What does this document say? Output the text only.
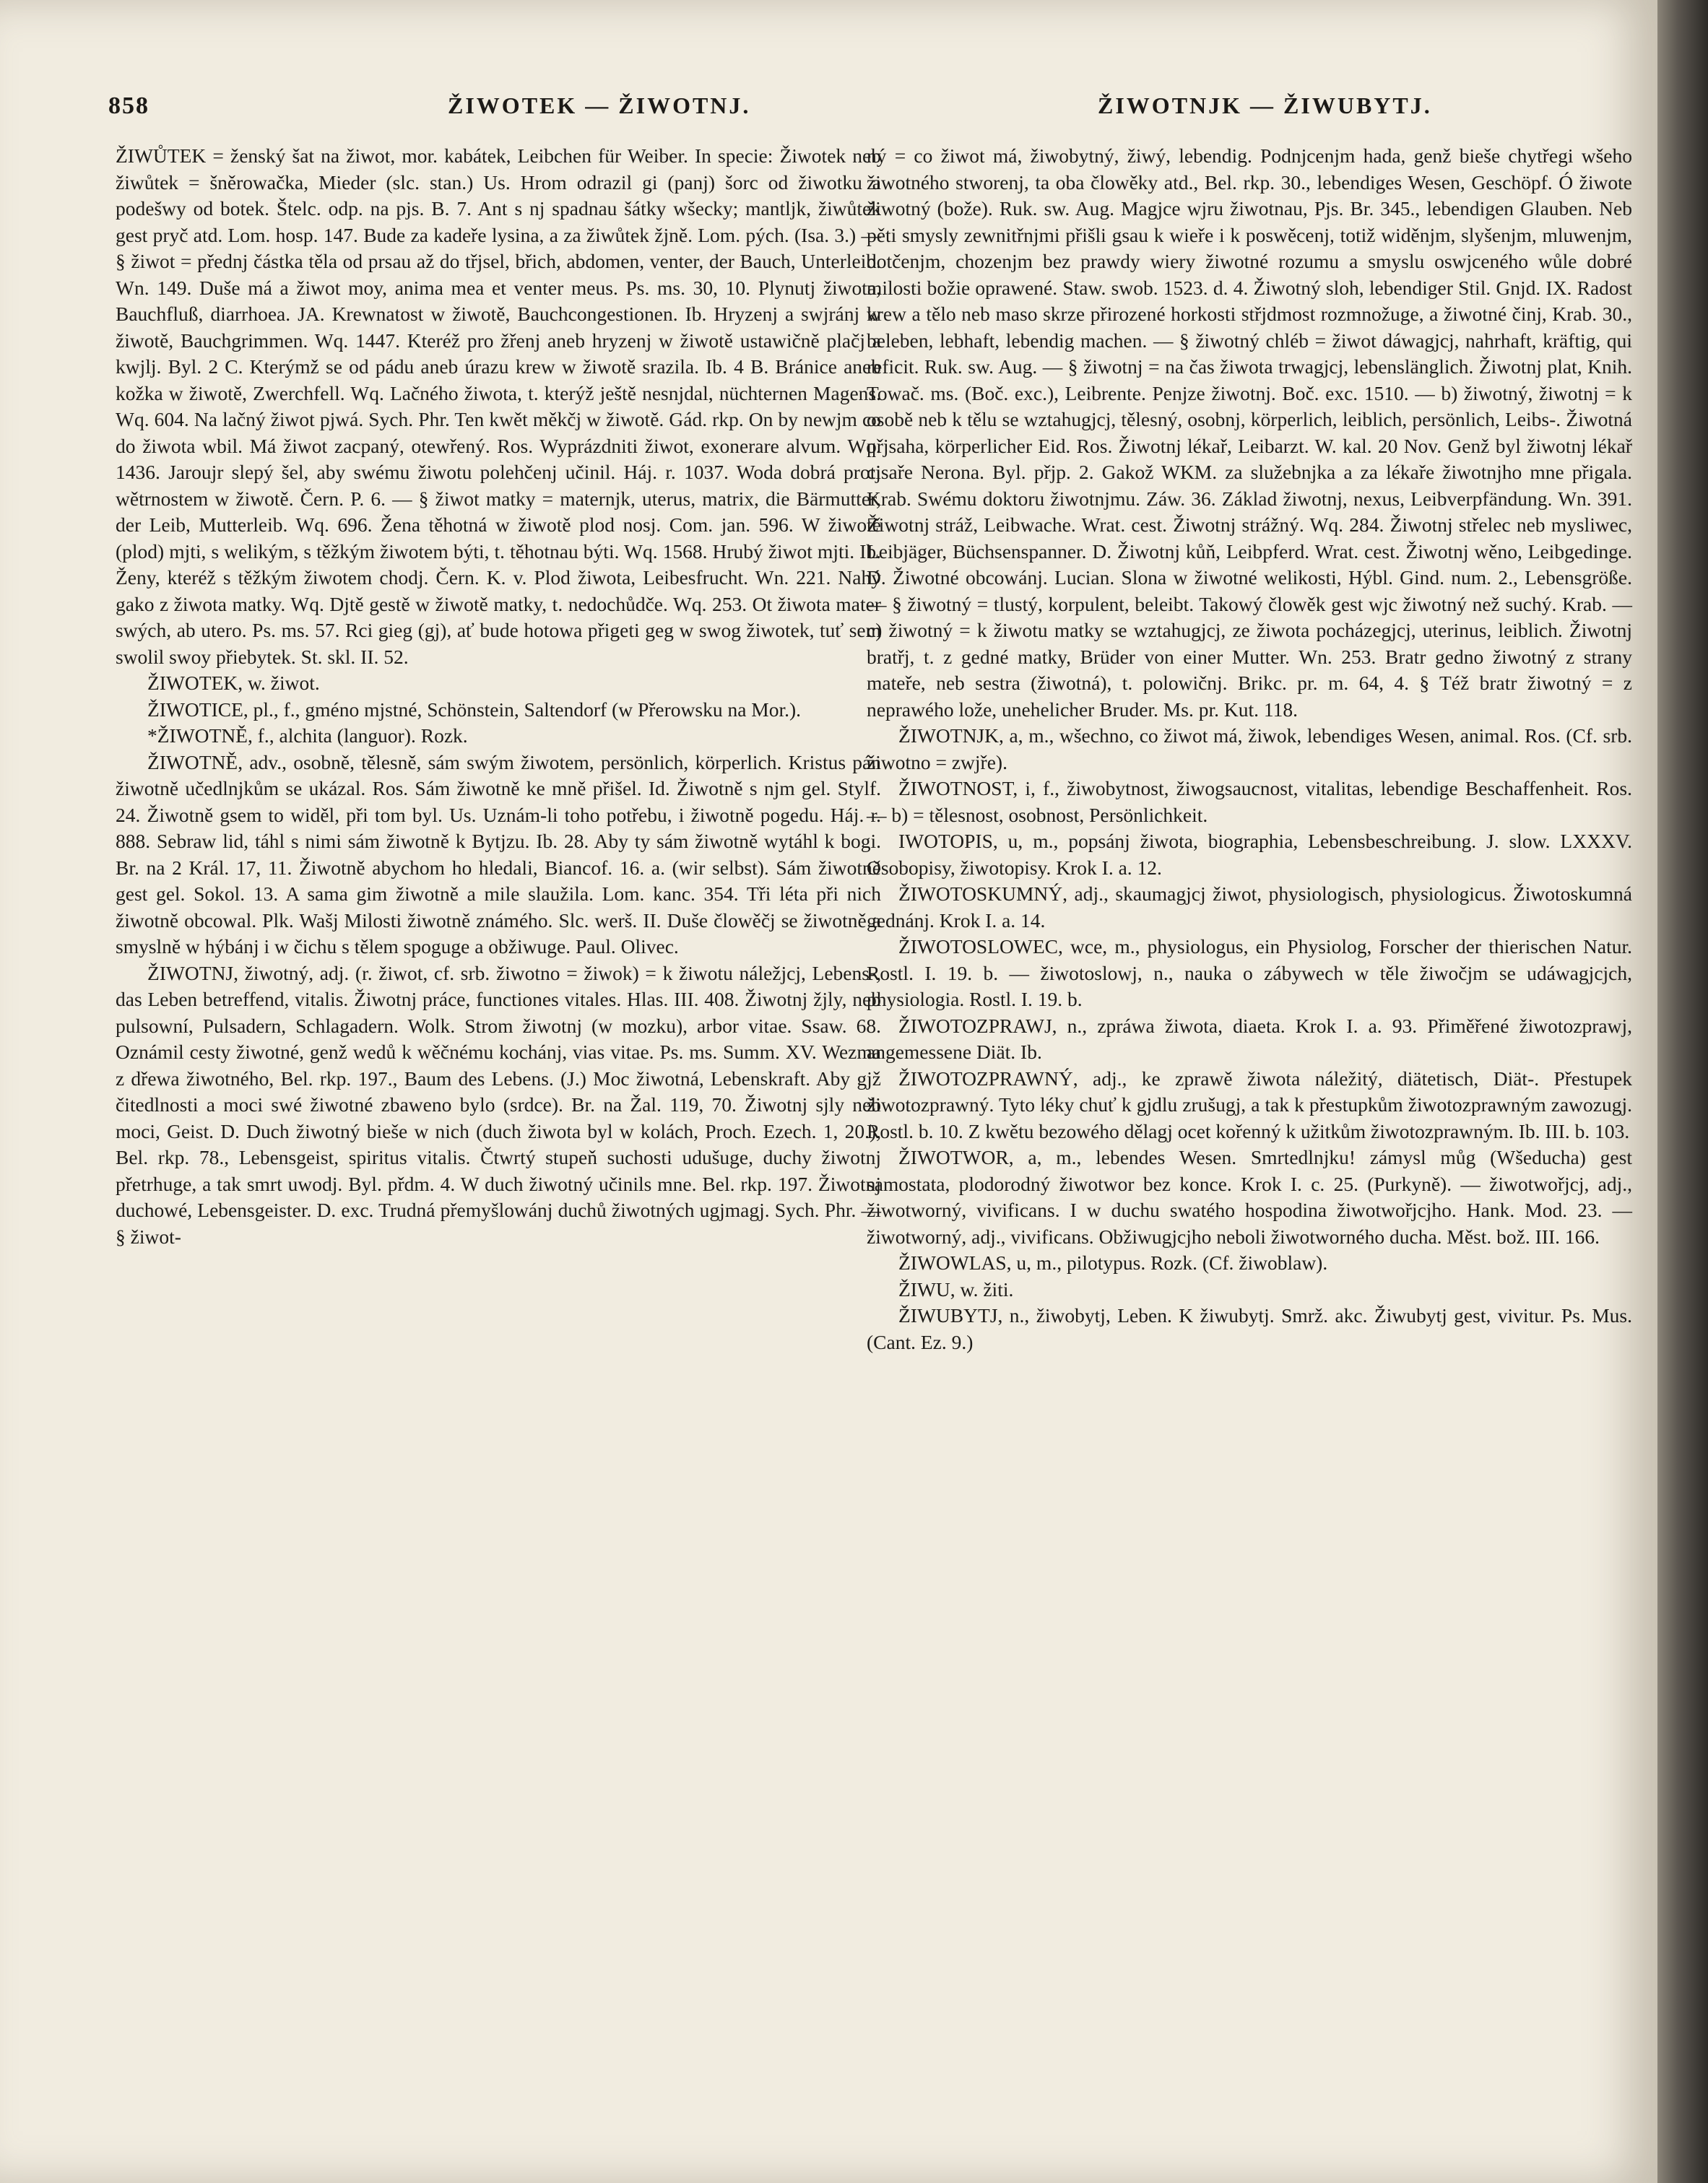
858	ŽIWOTEK — ŽIWOTNJ.	ŽIWOTNJK — ŽIWUBYTJ.

ŽIWŮTEK = ženský šat na žiwot, mor. kabátek, Leibchen für Weiber. In specie: Žiwotek neb žiwůtek = šněrowačka, Mieder (slc. stan.) Us. Hrom odrazil gi (panj) šorc od žiwotku a podešwy od botek. Štelc. odp. na pjs. B. 7. Ant s nj spadnau šátky wšecky; mantljk, žiwůtek gest pryč atd. Lom. hosp. 147. Bude za kadeře lysina, a za žiwůtek žjně. Lom. pých. (Isa. 3.) — § žiwot = přednj částka těla od prsau až do třjsel, břich, abdomen, venter, der Bauch, Unterleib. Wn. 149. Duše má a žiwot moy, anima mea et venter meus. Ps. ms. 30, 10. Plynutj žiwota, Bauchfluß, diarrhoea. JA. Krewnatost w žiwotě, Bauchcongestionen. Ib. Hryzenj a swjránj w žiwotě, Bauchgrimmen. Wq. 1447. Kteréž pro žřenj aneb hryzenj w žiwotě ustawičně plačj a kwjlj. Byl. 2 C. Kterýmž se od pádu aneb úrazu krew w žiwotě srazila. Ib. 4 B. Bránice aneb kožka w žiwotě, Zwerchfell. Wq. Lačného žiwota, t. kterýž ještě nesnjdal, nüchternen Magens. Wq. 604. Na lačný žiwot pjwá. Sych. Phr. Ten kwět měkčj w žiwotě. Gád. rkp. On by newjm co do žiwota wbil. Má žiwot zacpaný, otewřený. Ros. Wyprázdniti žiwot, exonerare alvum. Wq. 1436. Jaroujr slepý šel, aby swému žiwotu polehčenj učinil. Háj. r. 1037. Woda dobrá proti wětrnostem w žiwotě. Čern. P. 6. — § žiwot matky = maternjk, uterus, matrix, die Bärmutter, der Leib, Mutterleib. Wq. 696. Žena těhotná w žiwotě plod nosj. Com. jan. 596. W žiwotě (plod) mjti, s welikým, s těžkým žiwotem býti, t. těhotnau býti. Wq. 1568. Hrubý žiwot mjti. Ib. Ženy, kteréž s těžkým žiwotem chodj. Čern. K. v. Plod žiwota, Leibesfrucht. Wn. 221. Nahý gako z žiwota matky. Wq. Djtě gestě w žiwotě matky, t. nedochůdče. Wq. 253. Ot žiwota mater swých, ab utero. Ps. ms. 57. Rci gieg (gj), ať bude hotowa přigeti geg w swog žiwotek, tuť sem swolil swoy přiebytek. St. skl. II. 52.

ŽIWOTEK, w. žiwot.

ŽIWOTICE, pl., f., gméno mjstné, Schönstein, Saltendorf (w Přerowsku na Mor.).

*ŽIWOTNĚ, f., alchita (languor). Rozk.

ŽIWOTNĚ, adv., osobně, tělesně, sám swým žiwotem, persönlich, körperlich. Kristus pán žiwotně učedlnjkům se ukázal. Ros. Sám žiwotně ke mně přišel. Id. Žiwotně s njm gel. Stylf. 24. Žiwotně gsem to widěl, při tom byl. Us. Uznám-li toho potřebu, i žiwotně pogedu. Háj. r. 888. Sebraw lid, táhl s nimi sám žiwotně k Bytjzu. Ib. 28. Aby ty sám žiwotně wytáhl k bogi. Br. na 2 Král. 17, 11. Žiwotně abychom ho hledali, Biancof. 16. a. (wir selbst). Sám žiwotně gest gel. Sokol. 13. A sama gim žiwotně a mile slaužila. Lom. kanc. 354. Tři léta při nich žiwotně obcowal. Plk. Wašj Milosti žiwotně známého. Slc. werš. II. Duše člowěčj se žiwotně a smyslně w hýbánj i w čichu s tělem spoguge a obžiwuge. Paul. Olivec.

ŽIWOTNJ, žiwotný, adj. (r. žiwot, cf. srb. žiwotno = žiwok) = k žiwotu náležjcj, Lebens-, das Leben betreffend, vitalis. Žiwotnj práce, functiones vitales. Hlas. III. 408. Žiwotnj žjly, neb pulsowní, Pulsadern, Schlagadern. Wolk. Strom žiwotnj (w mozku), arbor vitae. Ssaw. 68. Oznámil cesty žiwotné, genž wedů k wěčnému kochánj, vias vitae. Ps. ms. Summ. XV. Wezma z dřewa žiwotného, Bel. rkp. 197., Baum des Lebens. (J.) Moc žiwotná, Lebenskraft. Aby gjž čitedlnosti a moci swé žiwotné zbaweno bylo (srdce). Br. na Žal. 119, 70. Žiwotnj sjly neb moci, Geist. D. Duch žiwotný bieše w nich (duch žiwota byl w kolách, Proch. Ezech. 1, 20.), Bel. rkp. 78., Lebensgeist, spiritus vitalis. Čtwrtý stupeň suchosti udušuge, duchy žiwotnj přetrhuge, a tak smrt uwodj. Byl. přdm. 4. W duch žiwotný učinils mne. Bel. rkp. 197. Žiwotnj duchowé, Lebensgeister. D. exc. Trudná přemyšlowánj duchů žiwotných ugjmagj. Sych. Phr. — § žiwot-

ný = co žiwot má, žiwobytný, žiwý, lebendig. Podnjcenjm hada, genž bieše chytřegi wšeho žiwotného stworenj, ta oba člowěky atd., Bel. rkp. 30., lebendiges Wesen, Geschöpf. Ó žiwote žiwotný (bože). Ruk. sw. Aug. Magjce wjru žiwotnau, Pjs. Br. 345., lebendigen Glauben. Neb pěti smysly zewnitřnjmi přišli gsau k wieře i k poswěcenj, totiž widěnjm, slyšenjm, mluwenjm, dotčenjm, chozenjm bez prawdy wiery žiwotné rozumu a smyslu oswjceného wůle dobré milosti božie oprawené. Staw. swob. 1523. d. 4. Žiwotný sloh, lebendiger Stil. Gnjd. IX. Radost krew a tělo neb maso skrze přirozené horkosti střjdmost rozmnožuge, a žiwotné činj, Krab. 30., beleben, lebhaft, lebendig machen. — § žiwotný chléb = žiwot dáwagjcj, nahrhaft, kräftig, qui reficit. Ruk. sw. Aug. — § žiwotnj = na čas žiwota trwagjcj, lebenslänglich. Žiwotnj plat, Knih. Towač. ms. (Boč. exc.), Leibrente. Penjze žiwotnj. Boč. exc. 1510. — b) žiwotný, žiwotnj = k osobě neb k tělu se wztahugjcj, tělesný, osobnj, körperlich, leiblich, persönlich, Leibs-. Žiwotná přjsaha, körperlicher Eid. Ros. Žiwotnj lékař, Leibarzt. W. kal. 20 Nov. Genž byl žiwotnj lékař cjsaře Nerona. Byl. přjp. 2. Gakož WKM. za služebnjka a za lékaře žiwotnjho mne přigala. Krab. Swému doktoru žiwotnjmu. Záw. 36. Základ žiwotnj, nexus, Leibverpfändung. Wn. 391. Žiwotnj stráž, Leibwache. Wrat. cest. Žiwotnj strážný. Wq. 284. Žiwotnj střelec neb mysliwec, Leibjäger, Büchsenspanner. D. Žiwotnj kůň, Leibpferd. Wrat. cest. Žiwotnj wěno, Leibgedinge. D. Žiwotné obcowánj. Lucian. Slona w žiwotné welikosti, Hýbl. Gind. num. 2., Lebensgröße. — § žiwotný = tlustý, korpulent, beleibt. Takowý člowěk gest wjc žiwotný než suchý. Krab. — c) žiwotný = k žiwotu matky se wztahugjcj, ze žiwota pocházegjcj, uterinus, leiblich. Žiwotnj bratřj, t. z gedné matky, Brüder von einer Mutter. Wn. 253. Bratr gedno žiwotný z strany mateře, neb sestra (žiwotná), t. polowičnj. Brikc. pr. m. 64, 4. § Též bratr žiwotný = z neprawého lože, unehelicher Bruder. Ms. pr. Kut. 118.

ŽIWOTNJK, a, m., wšechno, co žiwot má, žiwok, lebendiges Wesen, animal. Ros. (Cf. srb. žiwotno = zwjře).

ŽIWOTNOST, i, f., žiwobytnost, žiwogsaucnost, vitalitas, lebendige Beschaffenheit. Ros. — b) = tělesnost, osobnost, Persönlichkeit.

IWOTOPIS, u, m., popsánj žiwota, biographia, Lebensbeschreibung. J. slow. LXXXV. Osobopisy, žiwotopisy. Krok I. a. 12.

ŽIWOTOSKUMNÝ, adj., skaumagjcj žiwot, physiologisch, physiologicus. Žiwotoskumná gednánj. Krok I. a. 14.

ŽIWOTOSLOWEC, wce, m., physiologus, ein Physiolog, Forscher der thierischen Natur. Rostl. I. 19. b. — žiwotoslowj, n., nauka o zábywech w těle žiwočjm se udáwagjcjch, physiologia. Rostl. I. 19. b.

ŽIWOTOZPRAWJ, n., zpráwa žiwota, diaeta. Krok I. a. 93. Přiměřené žiwotozprawj, angemessene Diät. Ib.

ŽIWOTOZPRAWNÝ, adj., ke zprawě žiwota náležitý, diätetisch, Diät-. Přestupek žiwotozprawný. Tyto léky chuť k gjdlu zrušugj, a tak k přestupkům žiwotozprawným zawozugj. Rostl. b. 10. Z kwětu bezowého dělagj ocet kořenný k užitkům žiwotozprawným. Ib. III. b. 103.

ŽIWOTWOR, a, m., lebendes Wesen. Smrtedlnjku! zámysl můg (Wšeducha) gest samostata, plodorodný žiwotwor bez konce. Krok I. c. 25. (Purkyně). — žiwotwořjcj, adj., žiwotworný, vivificans. I w duchu swatého hospodina žiwotwořjcjho. Hank. Mod. 23. — žiwotworný, adj., vivificans. Obžiwugjcjho neboli žiwotworného ducha. Měst. bož. III. 166.

ŽIWOWLAS, u, m., pilotypus. Rozk. (Cf. žiwoblaw).

ŽIWU, w. žiti.

ŽIWUBYTJ, n., žiwobytj, Leben. K žiwubytj. Smrž. akc. Žiwubytj gest, vivitur. Ps. Mus. (Cant. Ez. 9.)
